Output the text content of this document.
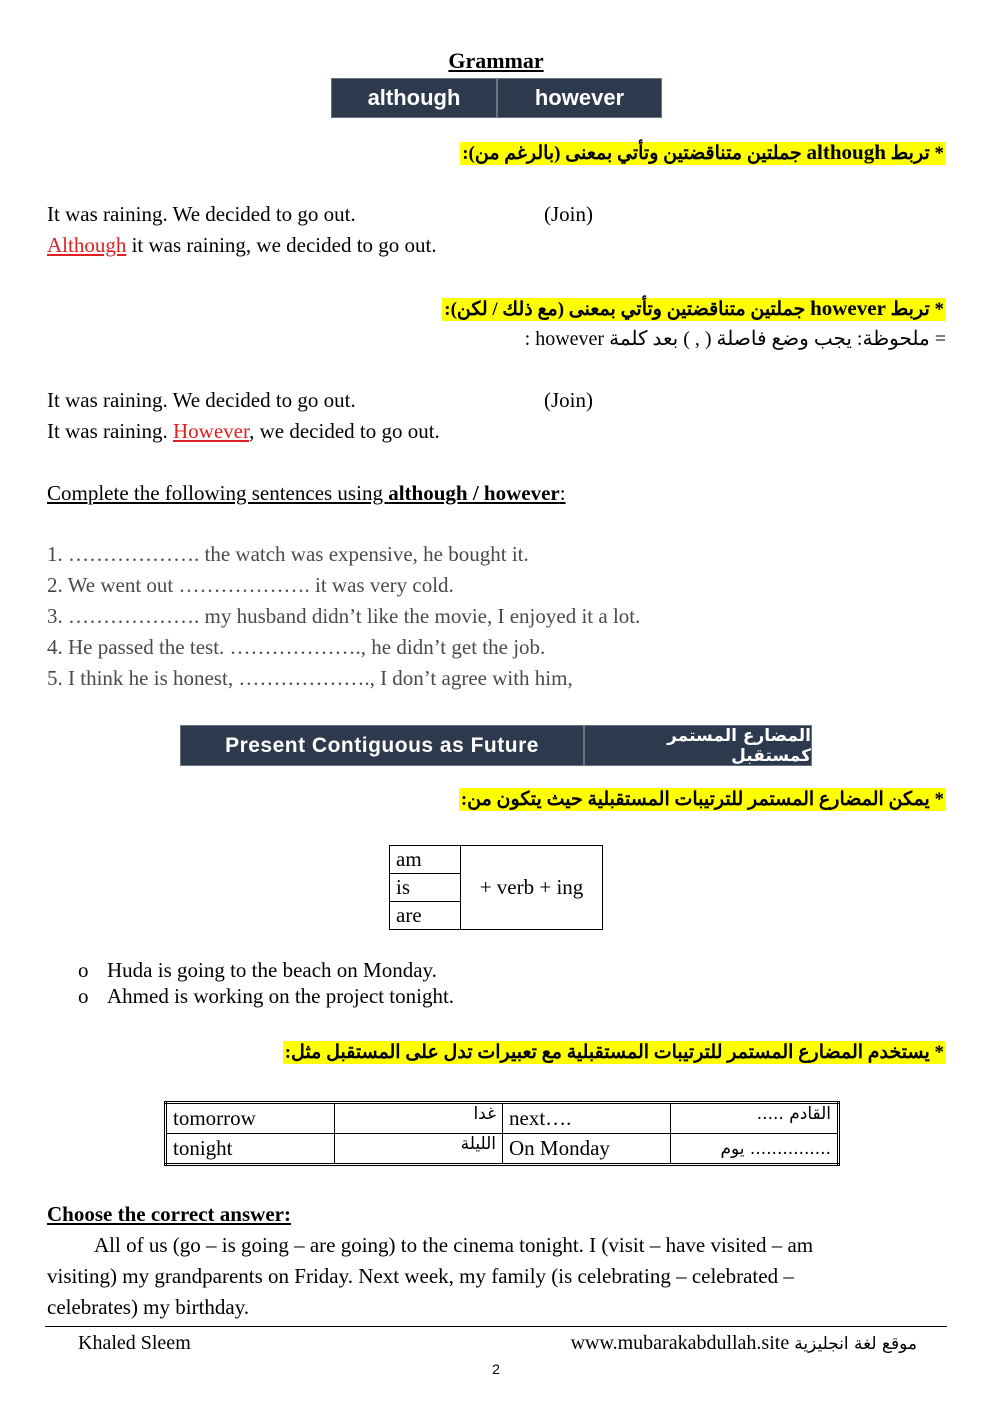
Grammar
although	however
* تربط although جملتين متناقضتين وتأتي بمعنى (بالرغم من):
It was raining. We decided to go out.	(Join)
Although it was raining, we decided to go out.
* تربط however جملتين متناقضتين وتأتي بمعنى (مع ذلك / لكن):
= ملحوظة: يجب وضع فاصلة ( , ) بعد كلمة however :
It was raining. We decided to go out.	(Join)
It was raining. However, we decided to go out.
Complete the following sentences using although / however:
1. ………………. the watch was expensive, he bought it.
2. We went out ………………. it was very cold.
3. ………………. my husband didn’t like the movie, I enjoyed it a lot.
4. He passed the test. ………………., he didn’t get the job.
5. I think he is honest, ………………., I don’t agree with him,
Present Contiguous as Future	المضارع المستمر كمستقبل
* يمكن المضارع المستمر للترتيبات المستقبلية حيث يتكون من:
am	+ verb + ing
is
are
o Huda is going to the beach on Monday.
o Ahmed is working on the project tonight.
* يستخدم المضارع المستمر للترتيبات المستقبلية مع تعبيرات تدل على المستقبل مثل:
tomorrow	غدا	next….	..... القادم
tonight	الليلة	On Monday	يوم ...............
Choose the correct answer:
All of us (go – is going – are going) to the cinema tonight. I (visit – have visited – am
visiting) my grandparents on Friday. Next week, my family (is celebrating – celebrated –
celebrates) my birthday.
Khaled Sleem	www.mubarakabdullah.site موقع لغة انجليزية
2
